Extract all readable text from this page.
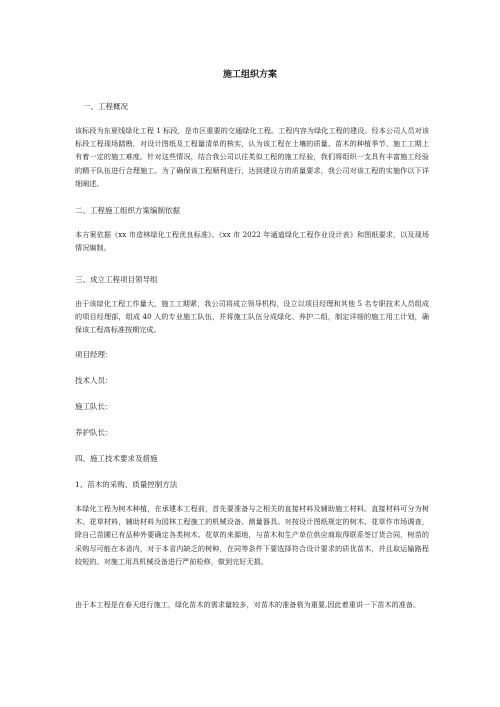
施工组织方案

一、工程概况

该标段为东夏线绿化工程 1 标段，是市区重要的交通绿化工程。工程内容为绿化工程的建设。经本公司人员对该标段工程现场踏勘，对设计图纸及工程量清单的核实，认为该工程在土壤的质量、苗木的种植季节、施工工期上有着一定的施工难度。针对这些情况，结合我公司以往类似工程的施工经验，我们将组织一支具有丰富施工经验的精干队伍进行合理施工。为了确保该工程顺利进行，达到建设方的质量要求，我公司对该工程的实施作以下详细阐述。

二、工程施工组织方案编制依据

本方案依据《xx 市造林绿化工程优良标准》、《xx 市 2022 年通道绿化工程作业设计表》和图纸要求，以及现场情况编制。

三、成立工程项目领导组

由于该绿化工程工作量大，施工工期紧，我公司将成立领导机构，设立以项目经理和其他 5 名专职技术人员组成的项目经理部，组成 40 人的专业施工队伍，并将施工队伍分成绿化、养护二组，制定详细的施工用工计划，确保该工程高标准按期完成。

项目经理：

技术人员：

施工队长：

养护队长：

四、施工技术要求及措施

1、苗木的采购、质量控制方法

本绿化工程为树木种植，在承建本工程前，首先要准备与之相关的直接材料及辅助施工材料。直接材料可分为树木、花草材料，辅助材料为园林工程施工的机械设备、测量器具。对按设计图纸规定的树木、花草作市场调查，除自己苗圃已有品种外要确定各类树木、花草的来源地，与苗木和生产单位供应商取得联系签订货合同，树苗的采购尽可能在本省内，对于本省内缺乏的树种，在同等条件下要选择符合设计要求的质优苗木，并且取运输路程较短的。对施工用具机械设备进行严前检修，做到完好无损。

由于本工程是在春天进行施工，绿化苗木的需求量较多，对苗木的准备极为重要,因此着重讲一下苗木的准备。
